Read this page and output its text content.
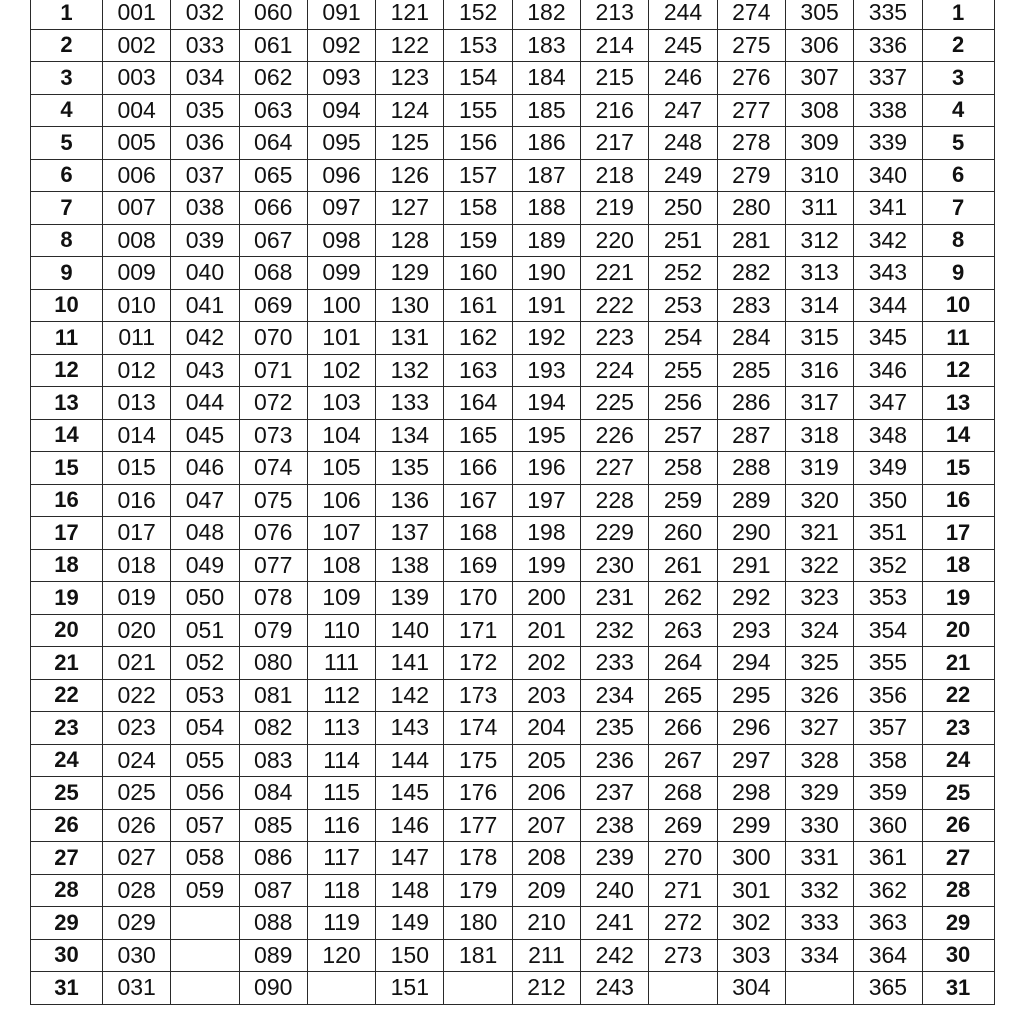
1	001	032	060	091	121	152	182	213	244	274	305	335	1
2	002	033	061	092	122	153	183	214	245	275	306	336	2
3	003	034	062	093	123	154	184	215	246	276	307	337	3
4	004	035	063	094	124	155	185	216	247	277	308	338	4
5	005	036	064	095	125	156	186	217	248	278	309	339	5
6	006	037	065	096	126	157	187	218	249	279	310	340	6
7	007	038	066	097	127	158	188	219	250	280	311	341	7
8	008	039	067	098	128	159	189	220	251	281	312	342	8
9	009	040	068	099	129	160	190	221	252	282	313	343	9
10	010	041	069	100	130	161	191	222	253	283	314	344	10
11	011	042	070	101	131	162	192	223	254	284	315	345	11
12	012	043	071	102	132	163	193	224	255	285	316	346	12
13	013	044	072	103	133	164	194	225	256	286	317	347	13
14	014	045	073	104	134	165	195	226	257	287	318	348	14
15	015	046	074	105	135	166	196	227	258	288	319	349	15
16	016	047	075	106	136	167	197	228	259	289	320	350	16
17	017	048	076	107	137	168	198	229	260	290	321	351	17
18	018	049	077	108	138	169	199	230	261	291	322	352	18
19	019	050	078	109	139	170	200	231	262	292	323	353	19
20	020	051	079	110	140	171	201	232	263	293	324	354	20
21	021	052	080	111	141	172	202	233	264	294	325	355	21
22	022	053	081	112	142	173	203	234	265	295	326	356	22
23	023	054	082	113	143	174	204	235	266	296	327	357	23
24	024	055	083	114	144	175	205	236	267	297	328	358	24
25	025	056	084	115	145	176	206	237	268	298	329	359	25
26	026	057	085	116	146	177	207	238	269	299	330	360	26
27	027	058	086	117	147	178	208	239	270	300	331	361	27
28	028	059	087	118	148	179	209	240	271	301	332	362	28
29	029		088	119	149	180	210	241	272	302	333	363	29
30	030		089	120	150	181	211	242	273	303	334	364	30
31	031		090		151		212	243		304		365	31
